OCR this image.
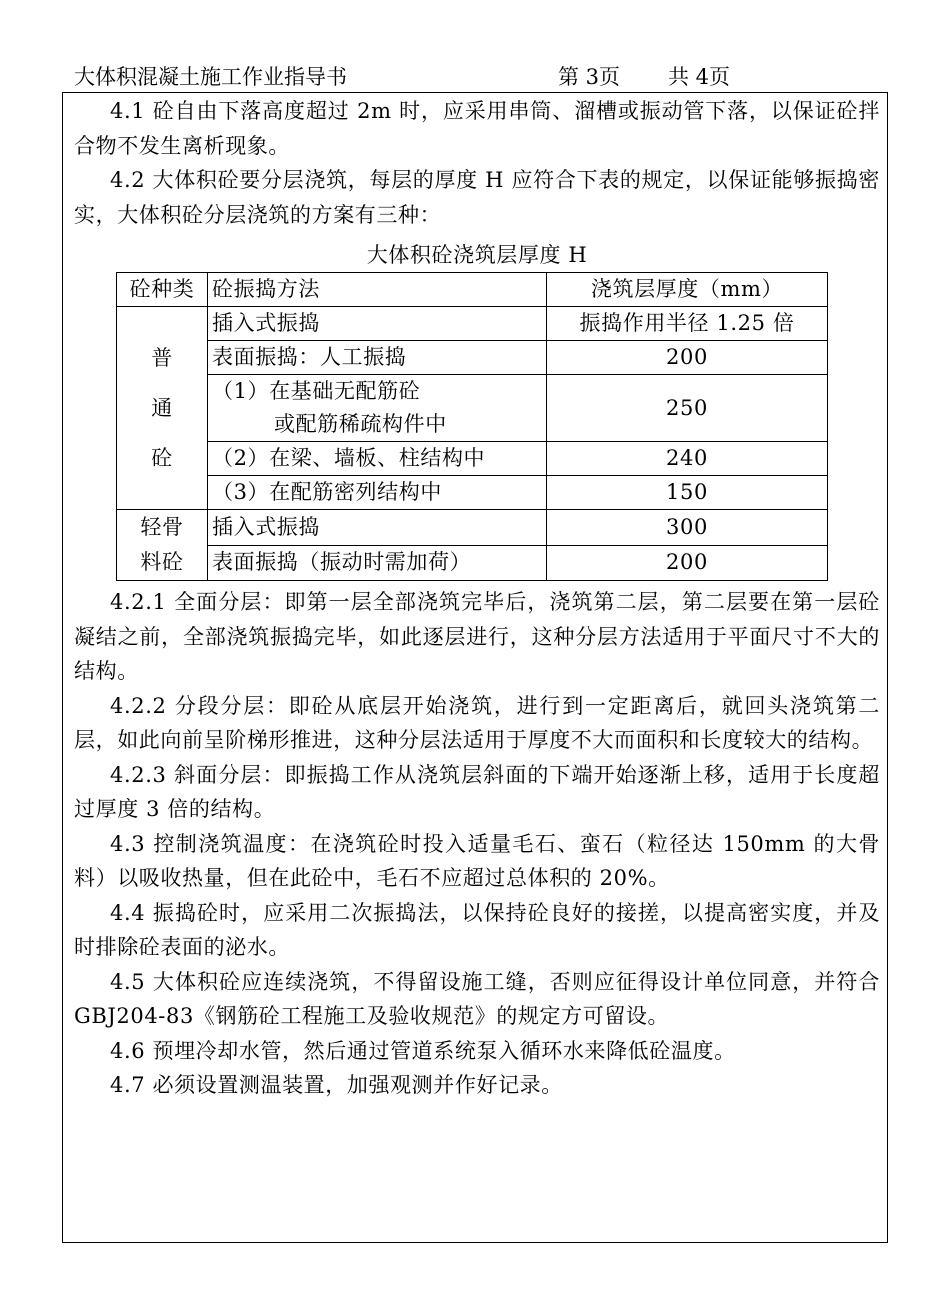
大体积混凝土施工作业指导书	第 3页 共 4页

4.1 砼自由下落高度超过 2m 时，应采用串筒、溜槽或振动管下落，以保证砼拌合物不发生离析现象。

4.2 大体积砼要分层浇筑，每层的厚度 H 应符合下表的规定，以保证能够振捣密实，大体积砼分层浇筑的方案有三种：

大体积砼浇筑层厚度 H
砼种类	砼振捣方法	浇筑层厚度（mm）

普
通
砼	插入式振捣	振捣作用半径 1.25 倍
	表面振捣：人工振捣	200
	（1）在基础无配筋砼
或配筋稀疏构件中	250
	（2）在梁、墙板、柱结构中	240
	（3）在配筋密列结构中	150

轻骨
料砼	插入式振捣	300
	表面振捣（振动时需加荷）	200

4.2.1 全面分层：即第一层全部浇筑完毕后，浇筑第二层，第二层要在第一层砼凝结之前，全部浇筑振捣完毕，如此逐层进行，这种分层方法适用于平面尺寸不大的结构。

4.2.2 分段分层：即砼从底层开始浇筑，进行到一定距离后，就回头浇筑第二层，如此向前呈阶梯形推进，这种分层法适用于厚度不大而面积和长度较大的结构。

4.2.3 斜面分层：即振捣工作从浇筑层斜面的下端开始逐渐上移，适用于长度超过厚度 3 倍的结构。

4.3 控制浇筑温度：在浇筑砼时投入适量毛石、蛮石（粒径达 150mm 的大骨料）以吸收热量，但在此砼中，毛石不应超过总体积的 20%。

4.4 振捣砼时，应采用二次振捣法，以保持砼良好的接搓，以提高密实度，并及时排除砼表面的泌水。

4.5 大体积砼应连续浇筑，不得留设施工缝，否则应征得设计单位同意，并符合 GBJ204-83《钢筋砼工程施工及验收规范》的规定方可留设。

4.6 预埋冷却水管，然后通过管道系统泵入循环水来降低砼温度。

4.7 必须设置测温装置，加强观测并作好记录。
